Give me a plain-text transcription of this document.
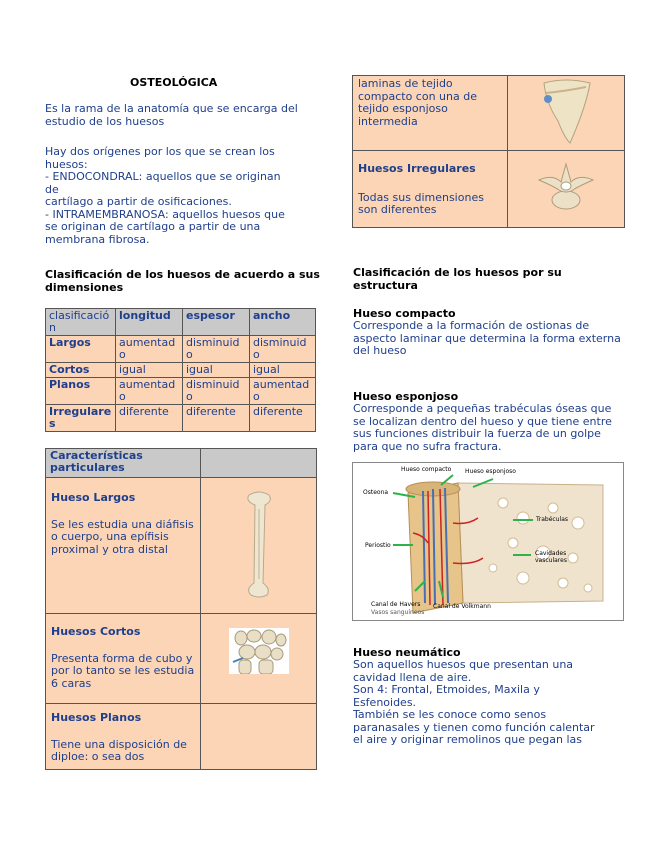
OSTEOLÓGICA
Es la rama de la anatomía que se encarga del estudio de los huesos
Hay dos orígenes por los que se crean los
huesos:
- ENDOCONDRAL: aquellos que se originan
de
cartílago a partir de osificaciones.
- INTRAMEMBRANOSA: aquellos huesos que
se originan de cartílago a partir de una
membrana fibrosa.
Clasificación de los huesos de acuerdo a sus dimensiones
clasificación	longitud	espesor	ancho
Largos	aumentado	disminuido	disminuido
Cortos	igual	igual	igual
Planos	aumentado	disminuido	aumentado
Irregulares	diferente	diferente	diferente
Características particulares	

Hueso Largos
Se les estudia una diáfisis o cuerpo, una epífisis proximal y otra distal

Huesos Cortos
Presenta forma de cubo y por lo tanto se les estudia 6 caras

Huesos Planos
Tiene una disposición de diploe: o sea dos	

laminas de tejido compacto con una de tejido esponjoso intermedia

Huesos Irregulares
Todas sus dimensiones son diferentes

Clasificación de los huesos por su estructura
Hueso compacto
Corresponde a la formación de ostionas de aspecto laminar que determina la forma externa del hueso
Hueso esponjoso
Corresponde a pequeñas trabéculas óseas que se localizan dentro del hueso y que tiene entre sus funciones distribuir la fuerza de un golpe para que no sufra fractura.
Hueso compacto Hueso esponjoso
Osteona
Periostio
Trabéculas
Cavidades vasculares
Canal de Havers
Vasos sanguíneos
Canal de Volkmann
Hueso neumático
Son aquellos huesos que presentan una
cavidad llena de aire.
Son 4: Frontal, Etmoides, Maxila y
Esfenoides.
También se les conoce como senos
paranasales y tienen como función calentar
el aire y originar remolinos que pegan las
